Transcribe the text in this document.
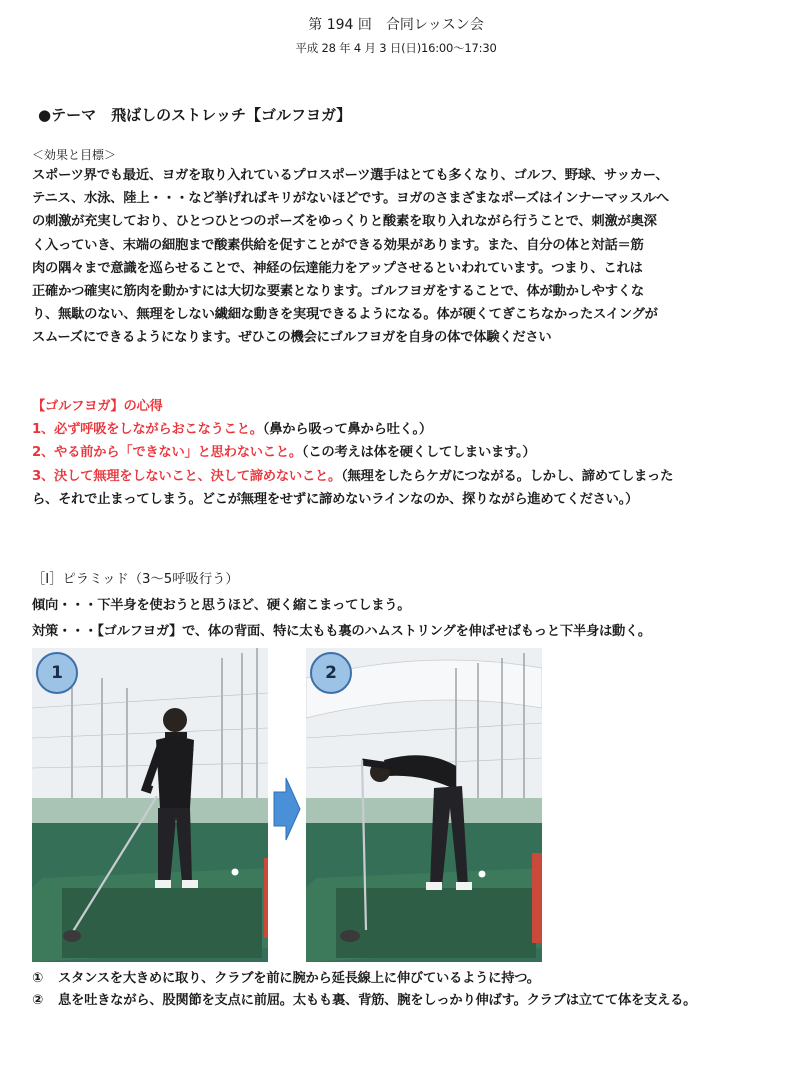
第 194 回　合同レッスン会
平成 28 年 4 月 3 日(日)16:00～17:30
●テーマ　飛ばしのストレッチ【ゴルフヨガ】
＜効果と目標＞
スポーツ界でも最近、ヨガを取り入れているプロスポーツ選手はとても多くなり、ゴルフ、野球、サッカー、
テニス、水泳、陸上・・・など挙げればキリがないほどです。ヨガのさまざまなポーズはインナーマッスルへ
の刺激が充実しており、ひとつひとつのポーズをゆっくりと酸素を取り入れながら行うことで、刺激が奥深
く入っていき、末端の細胞まで酸素供給を促すことができる効果があります。また、自分の体と対話＝筋
肉の隅々まで意識を巡らせることで、神経の伝達能力をアップさせるといわれています。つまり、これは
正確かつ確実に筋肉を動かすには大切な要素となります。ゴルフヨガをすることで、体が動かしやすくな
り、無駄のない、無理をしない繊細な動きを実現できるようになる。体が硬くてぎこちなかったスイングが
スムーズにできるようになります。ぜひこの機会にゴルフヨガを自身の体で体験ください
【ゴルフヨガ】の心得
1、必ず呼吸をしながらおこなうこと。（鼻から吸って鼻から吐く。）
2、やる前から「できない」と思わないこと。（この考えは体を硬くしてしまいます。）
3、決して無理をしないこと、決して諦めないこと。（無理をしたらケガにつながる。しかし、諦めてしまった
ら、それで止まってしまう。どこが無理をせずに諦めないラインなのか、探りながら進めてください。）
［Ⅰ］ピラミッド（3～5呼吸行う）
傾向・・・下半身を使おうと思うほど、硬く縮こまってしまう。
対策・・・【ゴルフヨガ】で、体の背面、特に太もも裏のハムストリングを伸ばせばもっと下半身は動く。
1	2
①	スタンスを大きめに取り、クラブを前に腕から延長線上に伸びているように持つ。
②	息を吐きながら、股関節を支点に前屈。太もも裏、背筋、腕をしっかり伸ばす。クラブは立てて体を支える。
